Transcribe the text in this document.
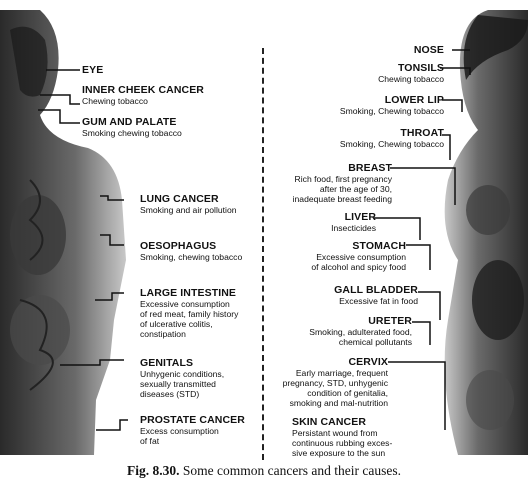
EYE
INNER CHEEK CANCER
Chewing tobacco
GUM AND PALATE
Smoking chewing tobacco
LUNG CANCER
Smoking and air pollution
OESOPHAGUS
Smoking, chewing tobacco
LARGE INTESTINE
Excessive consumption
of red meat, family history
of ulcerative colitis,
constipation
GENITALS
Unhygenic conditions,
sexually transmitted
diseases (STD)
PROSTATE CANCER
Excess consumption
of fat
NOSE
TONSILS
Chewing tobacco
LOWER LIP
Smoking, Chewing tobacco
THROAT
Smoking, Chewing tobacco
BREAST
Rich food, first pregnancy
after the age of 30,
inadequate breast feeding
LIVER
Insecticides
STOMACH
Excessive consumption
of alcohol and spicy food
GALL BLADDER
Excessive fat in food
URETER
Smoking, adulterated food,
chemical pollutants
CERVIX
Early marriage, frequent
pregnancy, STD, unhygenic
condition of genitalia,
smoking and mal-nutrition
SKIN CANCER
Persistant wound from
continuous rubbing exces-
sive exposure to the sun
Fig. 8.30. Some common cancers and their causes.
